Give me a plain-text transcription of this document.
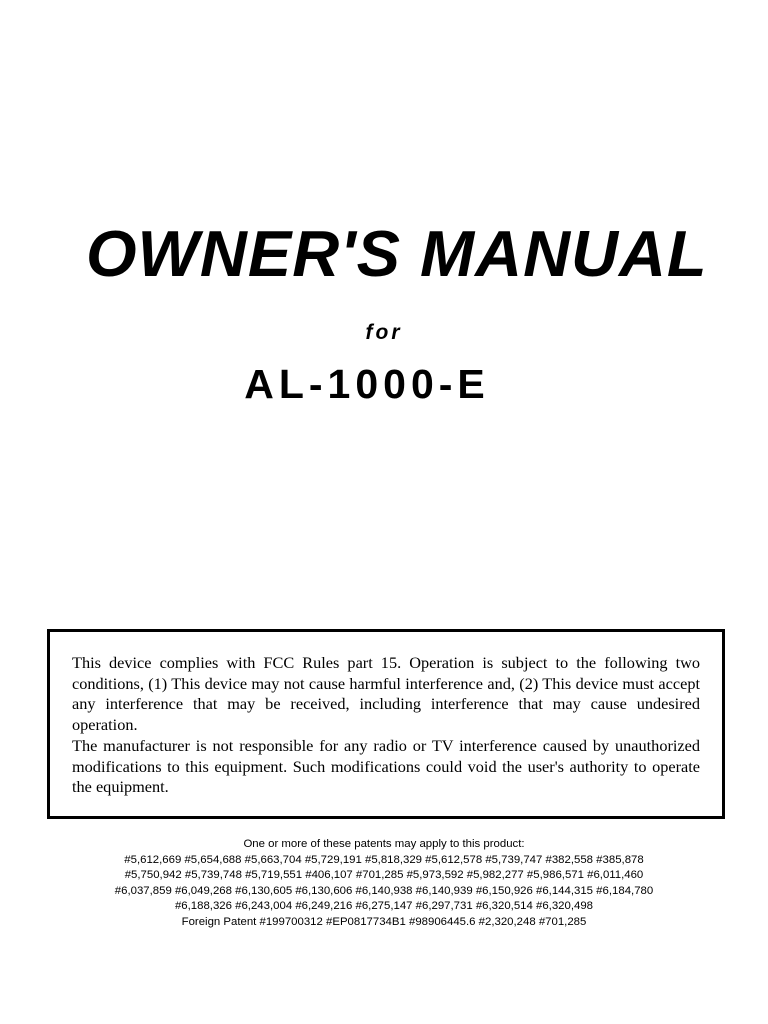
OWNER'S MANUAL
for
AL-1000-E

This device complies with FCC Rules part 15. Operation is subject to the following two conditions, (1) This device may not cause harmful interference and, (2) This device must accept any interference that may be received, including interference that may cause undesired operation.

The manufacturer is not responsible for any radio or TV interference caused by unauthorized modifications to this equipment. Such modifications could void the user's authority to operate the equipment.

One or more of these patents may apply to this product:
#5,612,669 #5,654,688 #5,663,704 #5,729,191 #5,818,329 #5,612,578 #5,739,747 #382,558 #385,878
#5,750,942 #5,739,748 #5,719,551 #406,107 #701,285 #5,973,592 #5,982,277 #5,986,571 #6,011,460
#6,037,859 #6,049,268 #6,130,605 #6,130,606 #6,140,938 #6,140,939 #6,150,926 #6,144,315 #6,184,780
#6,188,326 #6,243,004 #6,249,216 #6,275,147 #6,297,731 #6,320,514 #6,320,498
Foreign Patent #199700312 #EP0817734B1 #98906445.6 #2,320,248 #701,285
